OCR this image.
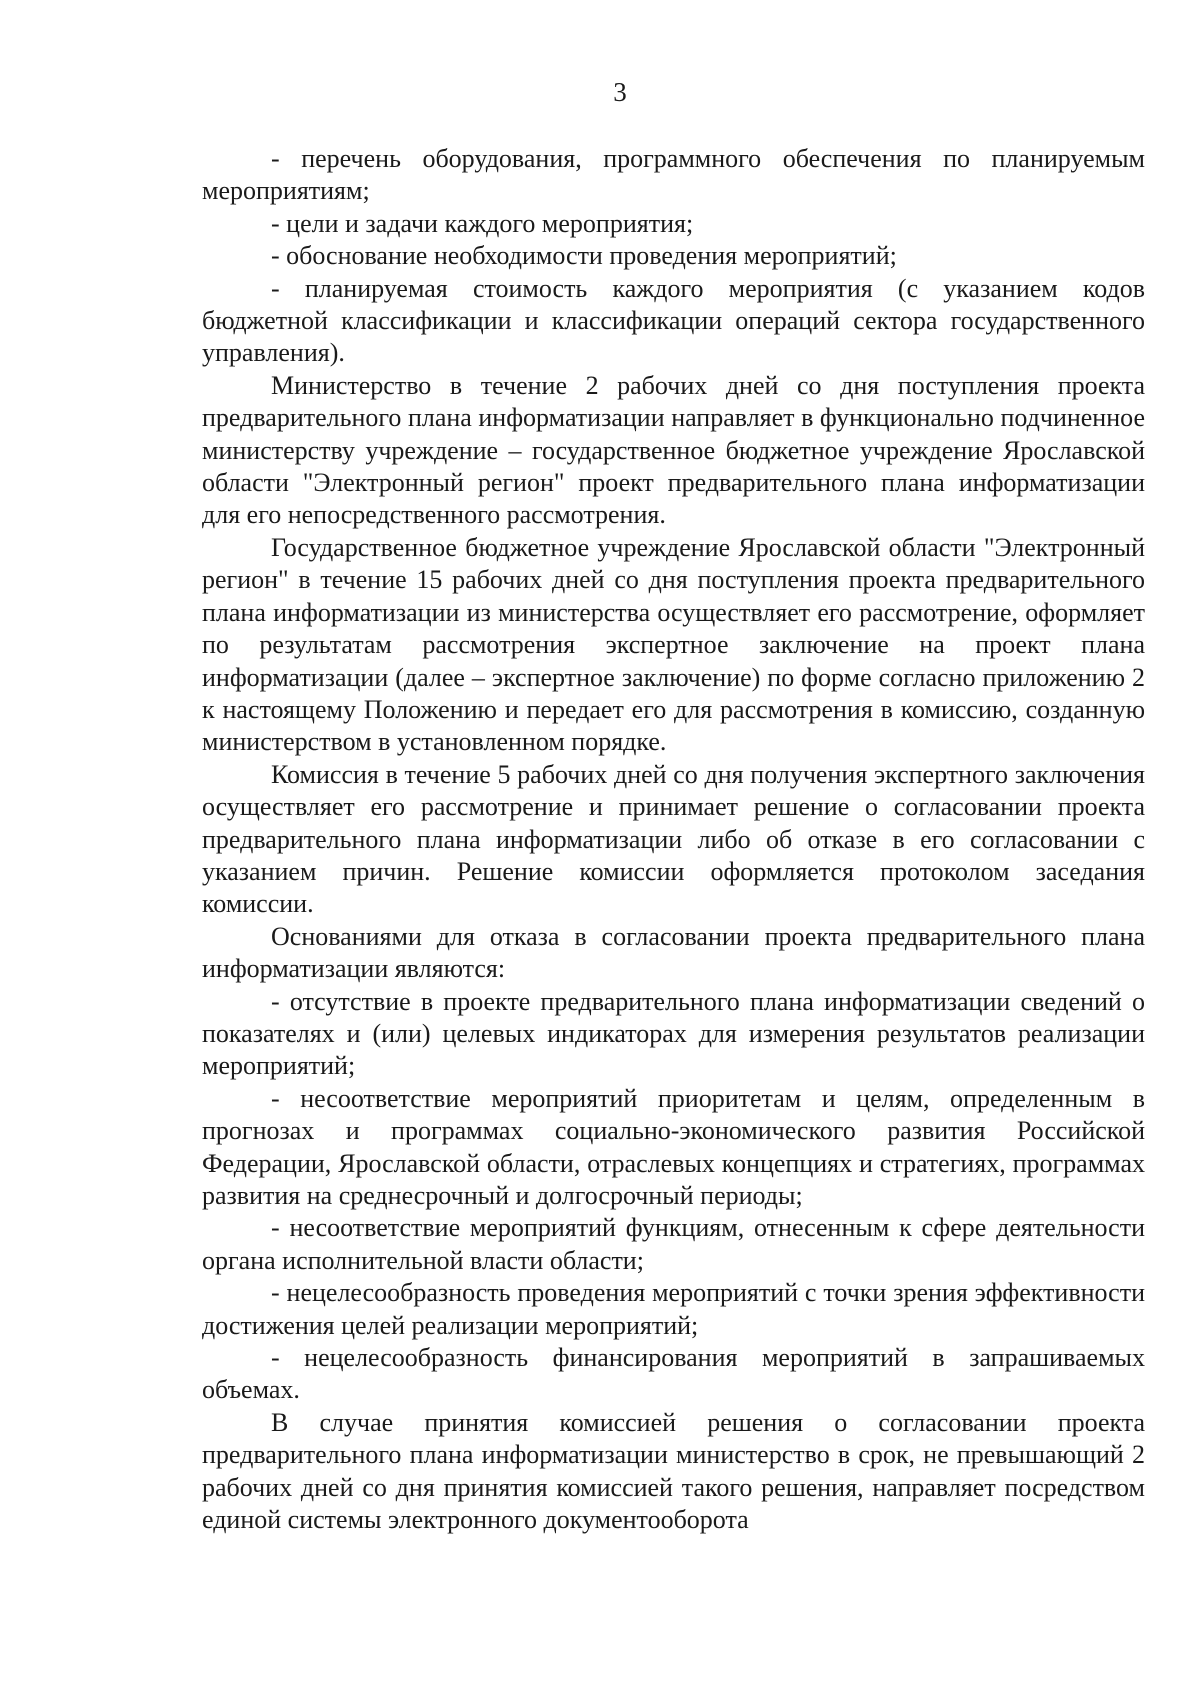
3

- перечень оборудования, программного обеспечения по планируемым мероприятиям;

- цели и задачи каждого мероприятия;

- обоснование необходимости проведения мероприятий;

- планируемая стоимость каждого мероприятия (с указанием кодов бюджетной классификации и классификации операций сектора государственного управления).

Министерство в течение 2 рабочих дней со дня поступления проекта предварительного плана информатизации направляет в функционально подчиненное министерству учреждение – государственное бюджетное учреждение Ярославской области "Электронный регион" проект предварительного плана информатизации для его непосредственного рассмотрения.

Государственное бюджетное учреждение Ярославской области "Электронный регион" в течение 15 рабочих дней со дня поступления проекта предварительного плана информатизации из министерства осуществляет его рассмотрение, оформляет по результатам рассмотрения экспертное заключение на проект плана информатизации (далее – экспертное заключение) по форме согласно приложению 2 к настоящему Положению и передает его для рассмотрения в комиссию, созданную министерством в установленном порядке.

Комиссия в течение 5 рабочих дней со дня получения экспертного заключения осуществляет его рассмотрение и принимает решение о согласовании проекта предварительного плана информатизации либо об отказе в его согласовании с указанием причин. Решение комиссии оформляется протоколом заседания комиссии.

Основаниями для отказа в согласовании проекта предварительного плана информатизации являются:

- отсутствие в проекте предварительного плана информатизации сведений о показателях и (или) целевых индикаторах для измерения результатов реализации мероприятий;

- несоответствие мероприятий приоритетам и целям, определенным в прогнозах и программах социально-экономического развития Российской Федерации, Ярославской области, отраслевых концепциях и стратегиях, программах развития на среднесрочный и долгосрочный периоды;

- несоответствие мероприятий функциям, отнесенным к сфере деятельности органа исполнительной власти области;

- нецелесообразность проведения мероприятий с точки зрения эффективности достижения целей реализации мероприятий;

- нецелесообразность финансирования мероприятий в запрашиваемых объемах.

В случае принятия комиссией решения о согласовании проекта предварительного плана информатизации министерство в срок, не превышающий 2 рабочих дней со дня принятия комиссией такого решения, направляет посредством единой системы электронного документооборота
